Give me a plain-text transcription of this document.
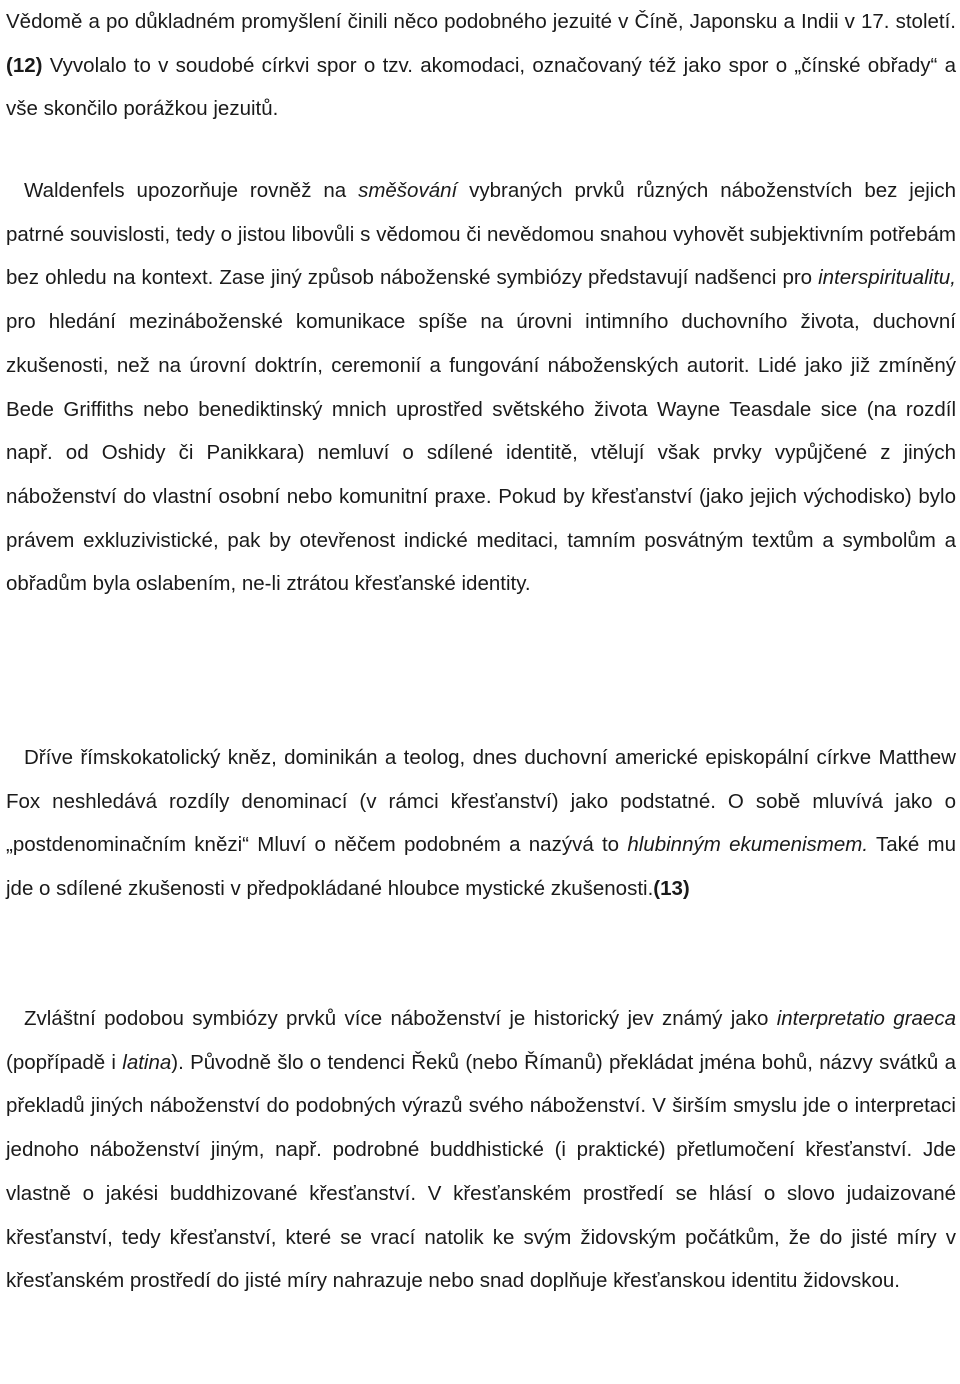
Vědomě a po důkladném promyšlení činili něco podobného jezuité v Číně, Japonsku a Indii v 17. století. (12) Vyvolalo to v soudobé církvi spor o tzv. akomodaci, označovaný též jako spor o „čínské obřady“ a vše skončilo porážkou jezuitů.

Waldenfels upozorňuje rovněž na směšování vybraných prvků různých náboženstvích bez jejich patrné souvislosti, tedy o jistou libovůli s vědomou či nevědomou snahou vyhovět subjektivním potřebám bez ohledu na kontext. Zase jiný způsob náboženské symbiózy představují nadšenci pro interspiritualitu, pro hledání mezináboženské komunikace spíše na úrovni intimního duchovního života, duchovní zkušenosti, než na úrovní doktrín, ceremonií a fungování náboženských autorit. Lidé jako již zmíněný Bede Griffiths nebo benediktinský mnich uprostřed světského života Wayne Teasdale sice (na rozdíl např. od Oshidy či Panikkara) nemluví o sdílené identitě, vtělují však prvky vypůjčené z jiných náboženství do vlastní osobní nebo komunitní praxe. Pokud by křesťanství (jako jejich východisko) bylo právem exkluzivistické, pak by otevřenost indické meditaci, tamním posvátným textům a symbolům a obřadům byla oslabením, ne-li ztrátou křesťanské identity.

Dříve římskokatolický kněz, dominikán a teolog, dnes duchovní americké episkopální církve Matthew Fox neshledává rozdíly denominací (v rámci křesťanství) jako podstatné. O sobě mluvívá jako o „postdenominačním knězi“ Mluví o něčem podobném a nazývá to hlubinným ekumenismem. Také mu jde o sdílené zkušenosti v předpokládané hloubce mystické zkušenosti.(13)

Zvláštní podobou symbiózy prvků více náboženství je historický jev známý jako interpretatio graeca (popřípadě i latina). Původně šlo o tendenci Řeků (nebo Římanů) překládat jména bohů, názvy svátků a překladů jiných náboženství do podobných výrazů svého náboženství. V širším smyslu jde o interpretaci jednoho náboženství jiným, např. podrobné buddhistické (i praktické) přetlumočení křesťanství. Jde vlastně o jakési buddhizované křesťanství. V křesťanském prostředí se hlásí o slovo judaizované křesťanství, tedy křesťanství, které se vrací natolik ke svým židovským počátkům, že do jisté míry v křesťanském prostředí do jisté míry nahrazuje nebo snad doplňuje křesťanskou identitu židovskou.
